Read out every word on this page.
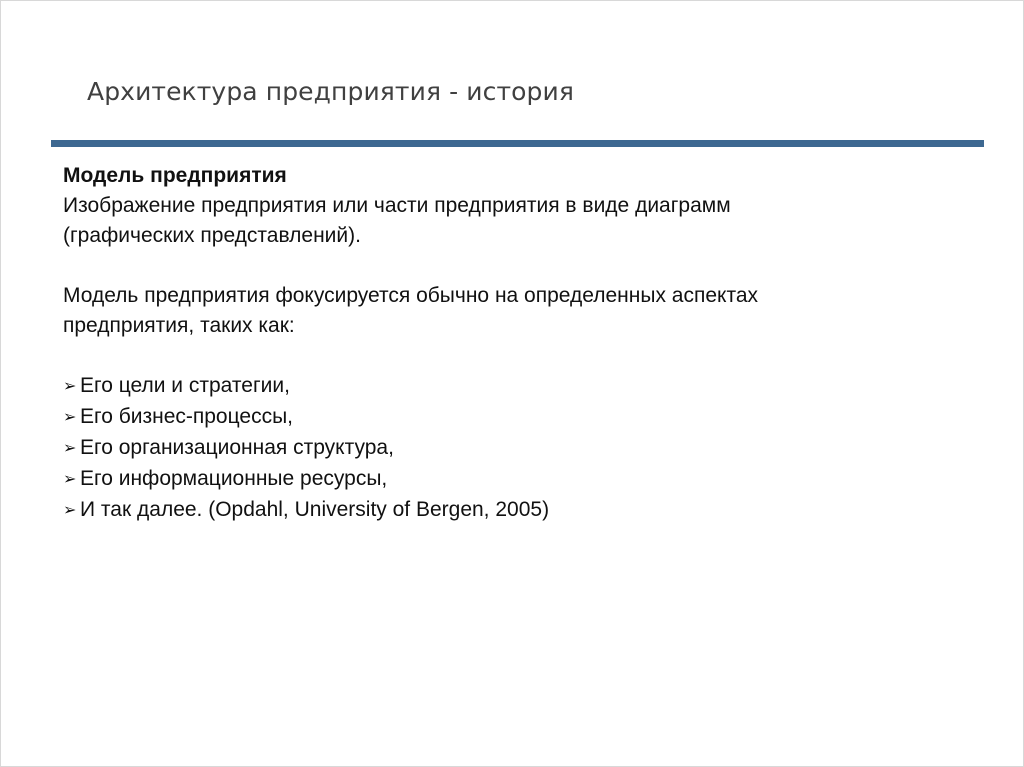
Архитектура предприятия - история
Модель предприятия
Изображение предприятия или части предприятия в виде диаграмм
(графических представлений).
Модель предприятия фокусируется обычно на определенных аспектах
предприятия, таких как:
➢ Его цели и стратегии,
➢ Его бизнес-процессы,
➢ Его организационная структура,
➢ Его информационные ресурсы,
➢ И так далее. (Opdahl, University of Bergen, 2005)
